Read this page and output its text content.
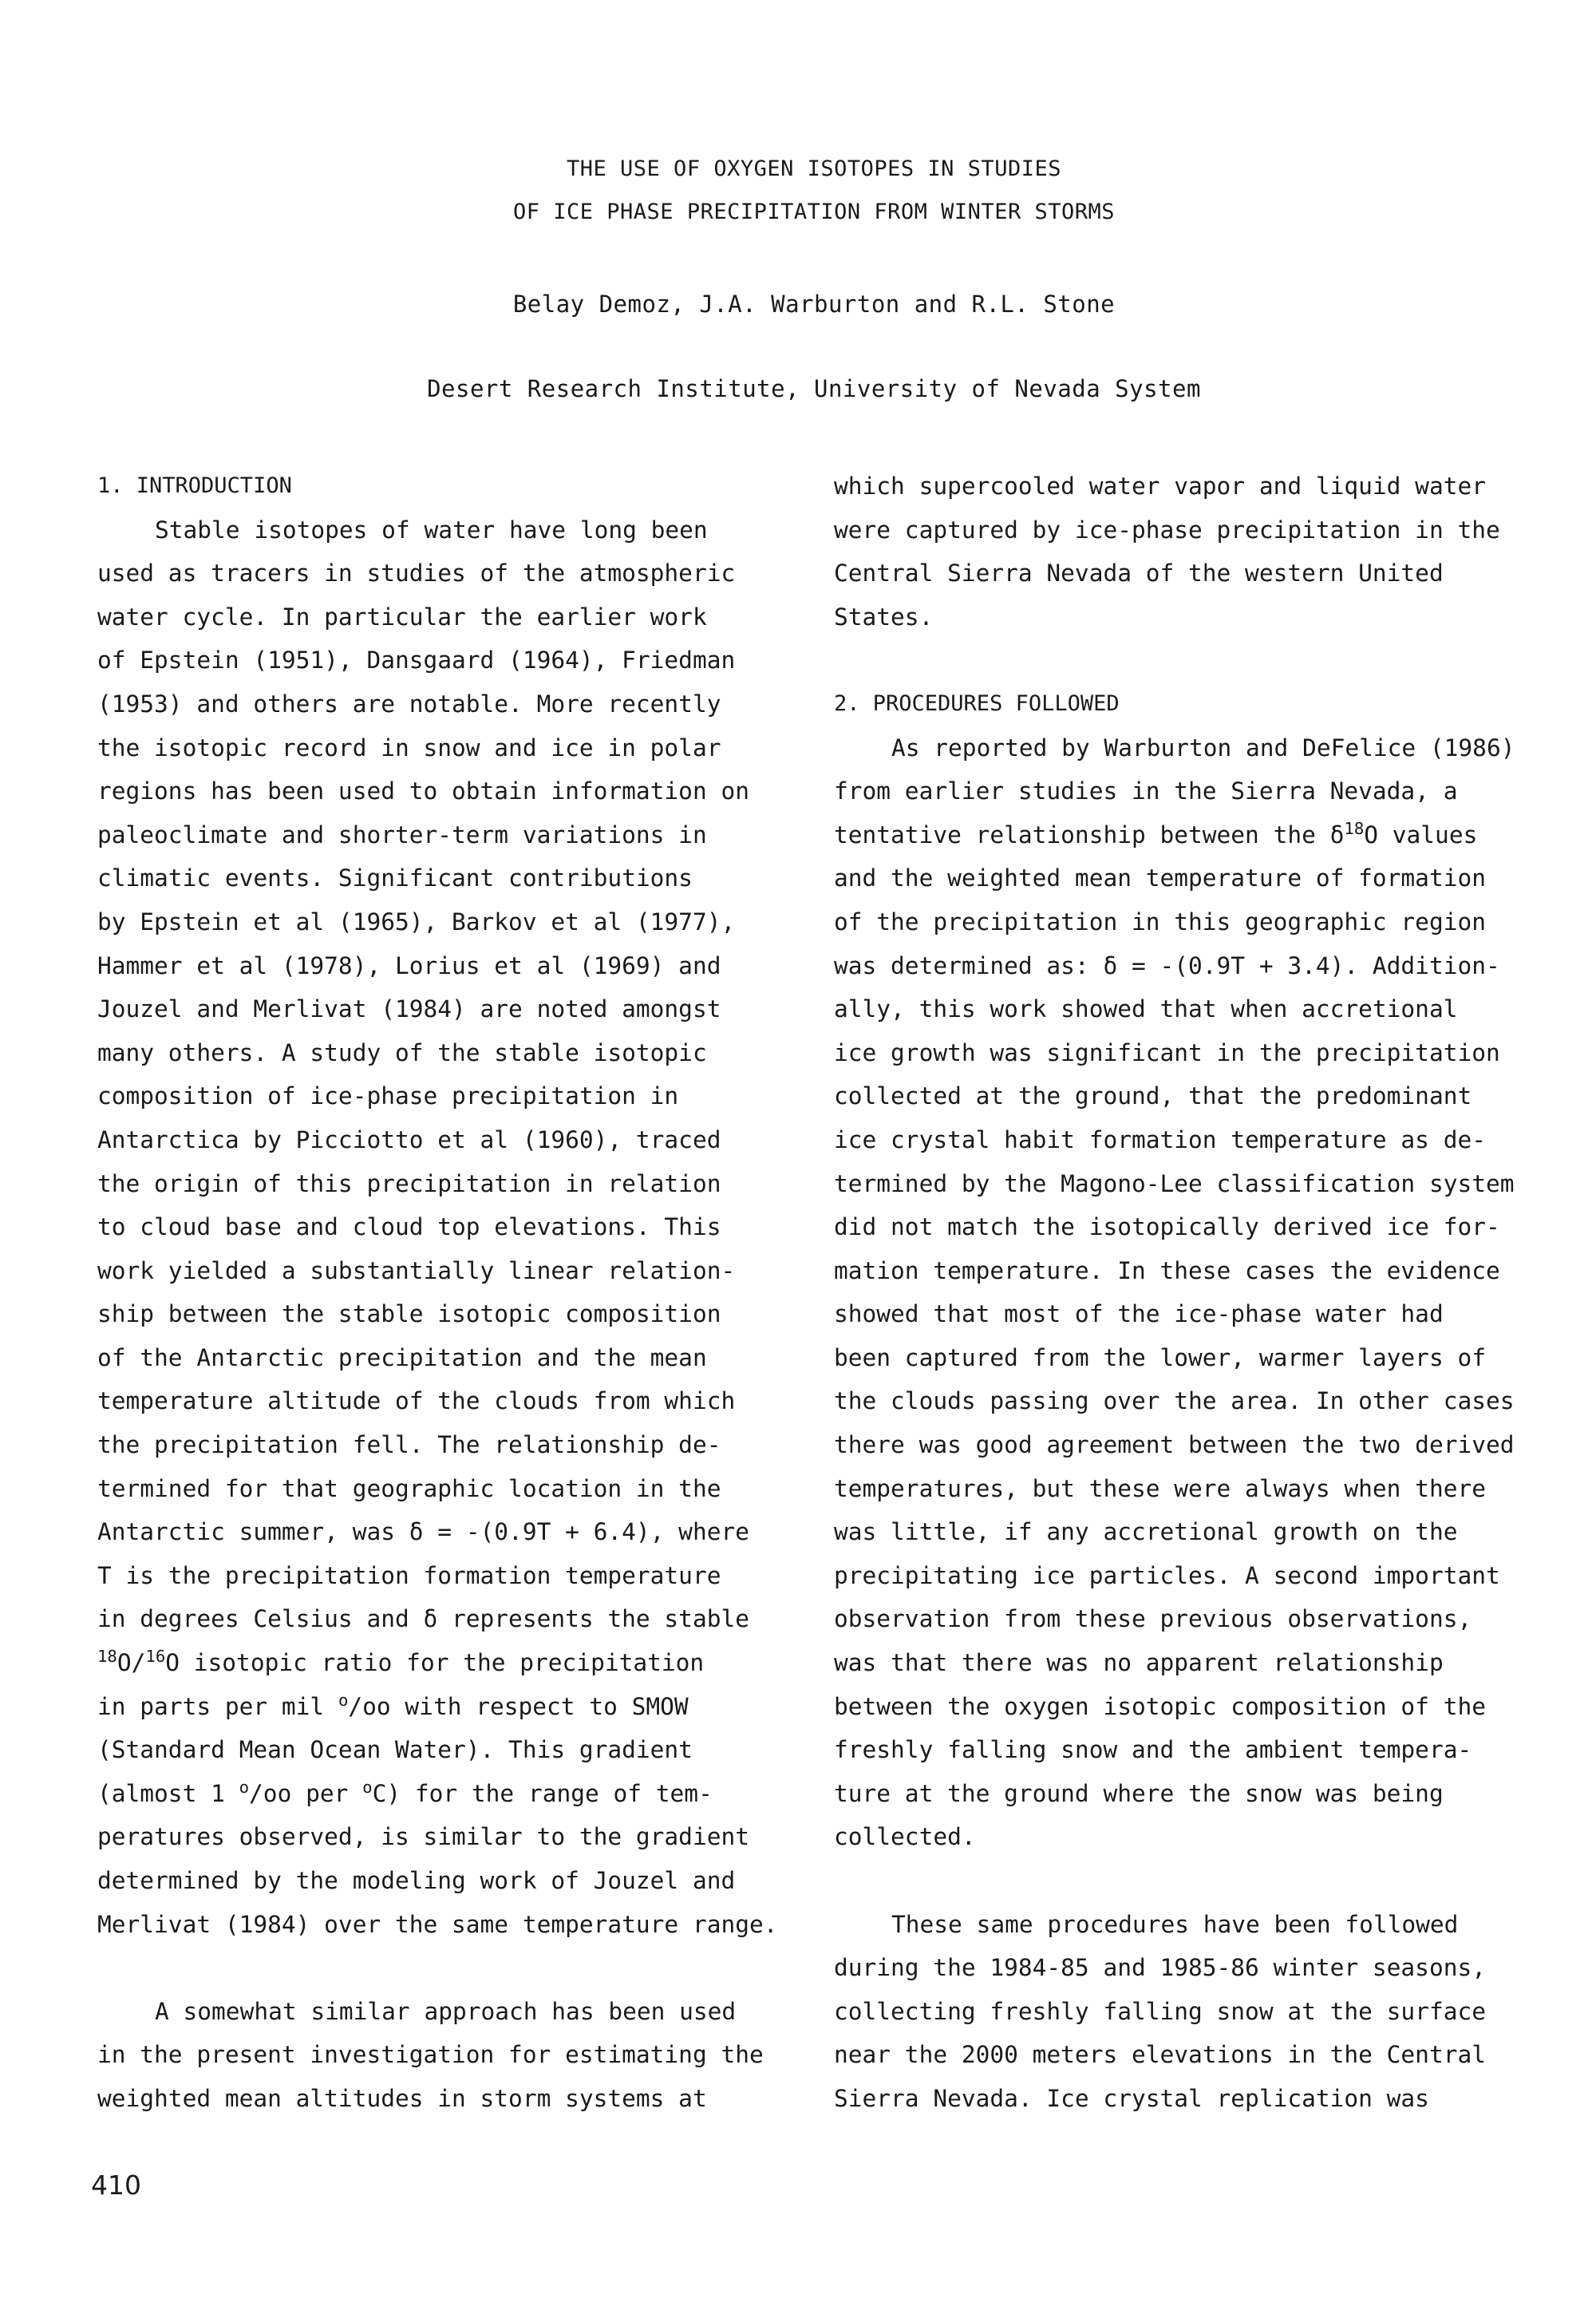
THE USE OF OXYGEN ISOTOPES IN STUDIES
OF ICE PHASE PRECIPITATION FROM WINTER STORMS
Belay Demoz, J.A. Warburton and R.L. Stone
Desert Research Institute, University of Nevada System
1. INTRODUCTION
Stable isotopes of water have long been
used as tracers in studies of the atmospheric
water cycle. In particular the earlier work
of Epstein (1951), Dansgaard (1964), Friedman
(1953) and others are notable. More recently
the isotopic record in snow and ice in polar
regions has been used to obtain information on
paleoclimate and shorter-term variations in
climatic events. Significant contributions
by Epstein et al (1965), Barkov et al (1977),
Hammer et al (1978), Lorius et al (1969) and
Jouzel and Merlivat (1984) are noted amongst
many others. A study of the stable isotopic
composition of ice-phase precipitation in
Antarctica by Picciotto et al (1960), traced
the origin of this precipitation in relation
to cloud base and cloud top elevations. This
work yielded a substantially linear relation-
ship between the stable isotopic composition
of the Antarctic precipitation and the mean
temperature altitude of the clouds from which
the precipitation fell. The relationship de-
termined for that geographic location in the
Antarctic summer, was δ = -(0.9T + 6.4), where
T is the precipitation formation temperature
in degrees Celsius and δ represents the stable
$^{18}$O/$^{16}$O isotopic ratio for the precipitation
in parts per mil $^o$/oo with respect to SMOW
(Standard Mean Ocean Water). This gradient
(almost 1 $^o$/oo per $^o$C) for the range of tem-
peratures observed, is similar to the gradient
determined by the modeling work of Jouzel and
Merlivat (1984) over the same temperature range.
A somewhat similar approach has been used
in the present investigation for estimating the
weighted mean altitudes in storm systems at
which supercooled water vapor and liquid water
were captured by ice-phase precipitation in the
Central Sierra Nevada of the western United
States.
2. PROCEDURES FOLLOWED
As reported by Warburton and DeFelice (1986)
from earlier studies in the Sierra Nevada, a
tentative relationship between the $\delta^{18}O$ values
and the weighted mean temperature of formation
of the precipitation in this geographic region
was determined as: δ = -(0.9T + 3.4). Addition-
ally, this work showed that when accretional
ice growth was significant in the precipitation
collected at the ground, that the predominant
ice crystal habit formation temperature as de-
termined by the Magono-Lee classification system
did not match the isotopically derived ice for-
mation temperature. In these cases the evidence
showed that most of the ice-phase water had
been captured from the lower, warmer layers of
the clouds passing over the area. In other cases
there was good agreement between the two derived
temperatures, but these were always when there
was little, if any accretional growth on the
precipitating ice particles. A second important
observation from these previous observations,
was that there was no apparent relationship
between the oxygen isotopic composition of the
freshly falling snow and the ambient tempera-
ture at the ground where the snow was being
collected.
These same procedures have been followed
during the 1984-85 and 1985-86 winter seasons,
collecting freshly falling snow at the surface
near the 2000 meters elevations in the Central
Sierra Nevada. Ice crystal replication was
410
